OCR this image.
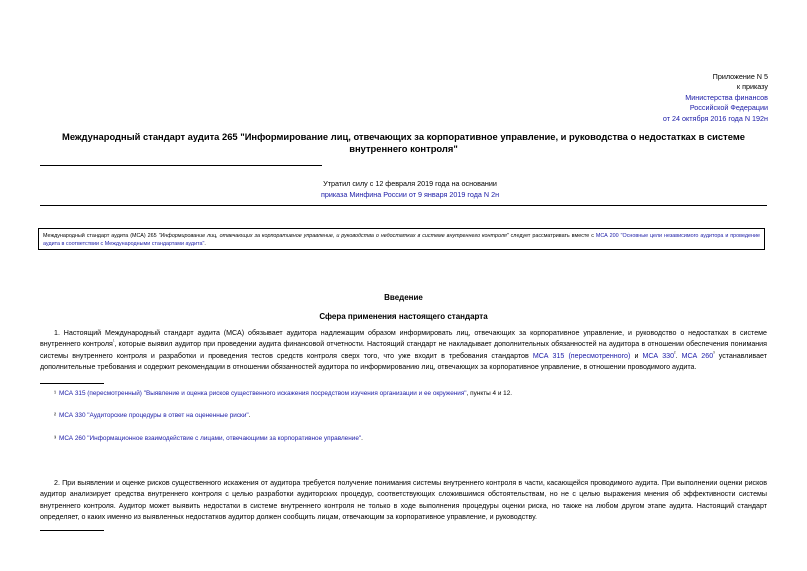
Приложение N 5
к приказу
Министерства финансов
Российской Федерации
от 24 октября 2016 года N 192н
Международный стандарт аудита 265 "Информирование лиц, отвечающих за корпоративное управление, и руководства о недостатках в системе внутреннего контроля"
Утратил силу с 12 февраля 2019 года на основании
приказа Минфина России от 9 января 2019 года N 2н
Международный стандарт аудита (МСА) 265 "Информирование лиц, отвечающих за корпоративное управление, и руководства о недостатках в системе внутреннего контроля" следует рассматривать вместе с МСА 200 "Основные цели независимого аудитора и проведение аудита в соответствии с Международными стандартами аудита".
Введение
Сфера применения настоящего стандарта
1. Настоящий Международный стандарт аудита (МСА) обязывает аудитора надлежащим образом информировать лиц, отвечающих за корпоративное управление, и руководство о недостатках в системе внутреннего контроля$^{^1}$, которые выявил аудитор при проведении аудита финансовой отчетности. Настоящий стандарт не накладывает дополнительных обязанностей на аудитора в отношении обеспечения понимания системы внутреннего контроля и разработки и проведения тестов средств контроля сверх того, что уже входит в требования стандартов МСА 315 (пересмотренного) и МСА $330^{^2}$. МСА $260^{^3}$ устанавливает дополнительные требования и содержит рекомендации в отношении обязанностей аудитора по информированию лиц, отвечающих за корпоративное управление, в отношении проводимого аудита.
¹ МСА 315 (пересмотренный) "Выявление и оценка рисков существенного искажения посредством изучения организации и ее окружения", пункты 4 и 12.
² МСА 330 "Аудиторские процедуры в ответ на оцененные риски".
³ МСА 260 "Информационное взаимодействие с лицами, отвечающими за корпоративное управление".
2. При выявлении и оценке рисков существенного искажения от аудитора требуется получение понимания системы внутреннего контроля в части, касающейся проводимого аудита. При выполнении оценки рисков аудитор анализирует средства внутреннего контроля с целью разработки аудиторских процедур, соответствующих сложившимся обстоятельствам, но не с целью выражения мнения об эффективности системы внутреннего контроля. Аудитор может выявить недостатки в системе внутреннего контроля не только в ходе выполнения процедуры оценки риска, но также на любом другом этапе аудита. Настоящий стандарт определяет, о каких именно из выявленных недостатков аудитор должен сообщить лицам, отвечающим за корпоративное управление, и руководству.
